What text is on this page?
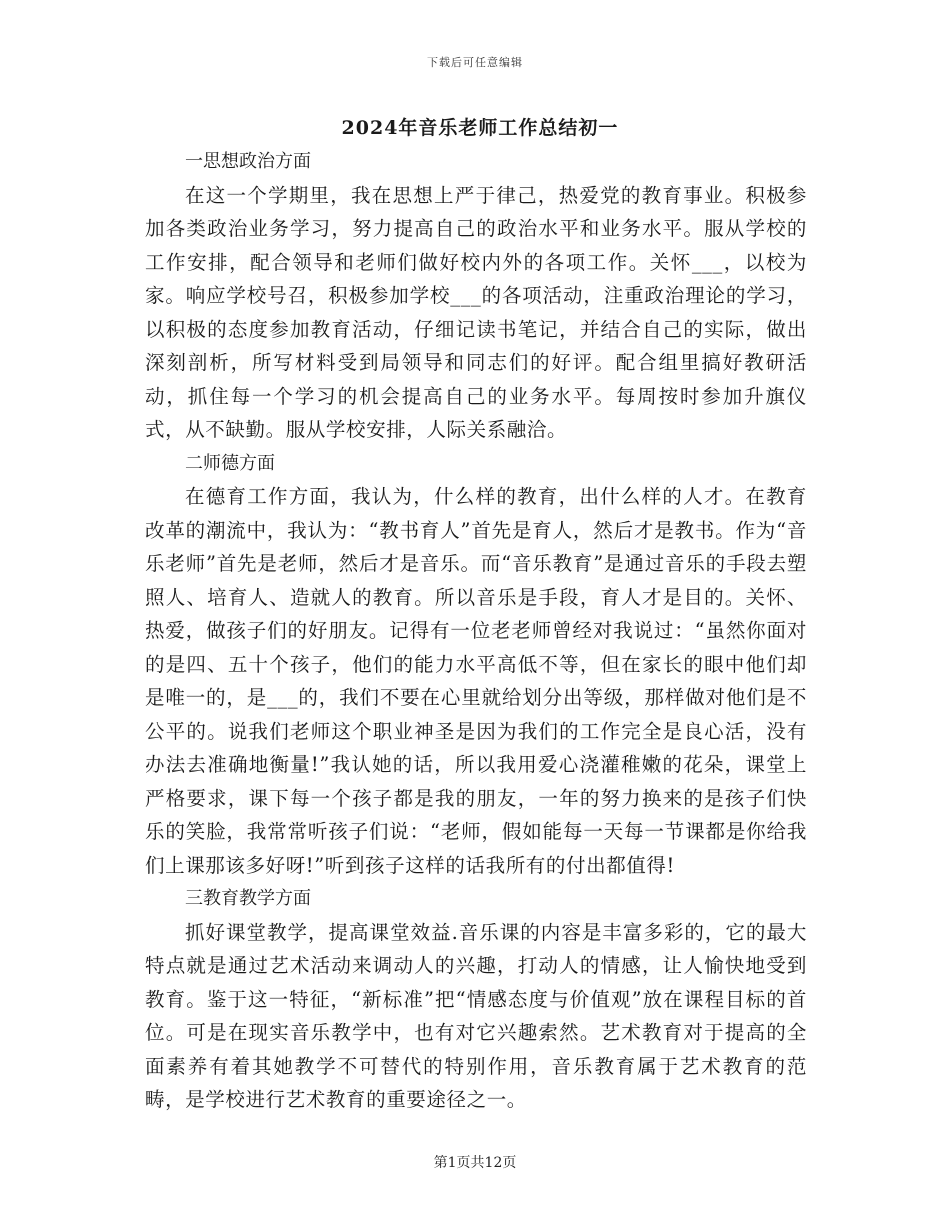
下载后可任意编辑
2024年音乐老师工作总结初一

一思想政治方面

在这一个学期里，我在思想上严于律己，热爱党的教育事业。积极参加各类政治业务学习，努力提高自己的政治水平和业务水平。服从学校的工作安排，配合领导和老师们做好校内外的各项工作。关怀___，以校为家。响应学校号召，积极参加学校___的各项活动，注重政治理论的学习，以积极的态度参加教育活动，仔细记读书笔记，并结合自己的实际，做出深刻剖析，所写材料受到局领导和同志们的好评。配合组里搞好教研活动，抓住每一个学习的机会提高自己的业务水平。每周按时参加升旗仪式，从不缺勤。服从学校安排，人际关系融洽。

二师德方面

在德育工作方面，我认为，什么样的教育，出什么样的人才。在教育改革的潮流中，我认为：“教书育人”首先是育人，然后才是教书。作为“音乐老师”首先是老师，然后才是音乐。而“音乐教育”是通过音乐的手段去塑照人、培育人、造就人的教育。所以音乐是手段，育人才是目的。关怀、热爱，做孩子们的好朋友。记得有一位老老师曾经对我说过：“虽然你面对的是四、五十个孩子，他们的能力水平高低不等，但在家长的眼中他们却是唯一的，是___的，我们不要在心里就给划分出等级，那样做对他们是不公平的。说我们老师这个职业神圣是因为我们的工作完全是良心活，没有办法去准确地衡量!”我认她的话，所以我用爱心浇灌稚嫩的花朵，课堂上严格要求，课下每一个孩子都是我的朋友，一年的努力换来的是孩子们快乐的笑脸，我常常听孩子们说：“老师，假如能每一天每一节课都是你给我们上课那该多好呀!”听到孩子这样的话我所有的付出都值得!

三教育教学方面

抓好课堂教学，提高课堂效益.音乐课的内容是丰富多彩的，它的最大特点就是通过艺术活动来调动人的兴趣，打动人的情感，让人愉快地受到教育。鉴于这一特征，“新标准”把“情感态度与价值观”放在课程目标的首位。可是在现实音乐教学中，也有对它兴趣索然。艺术教育对于提高的全面素养有着其她教学不可替代的特别作用，音乐教育属于艺术教育的范畴，是学校进行艺术教育的重要途径之一。

第1页共12页
